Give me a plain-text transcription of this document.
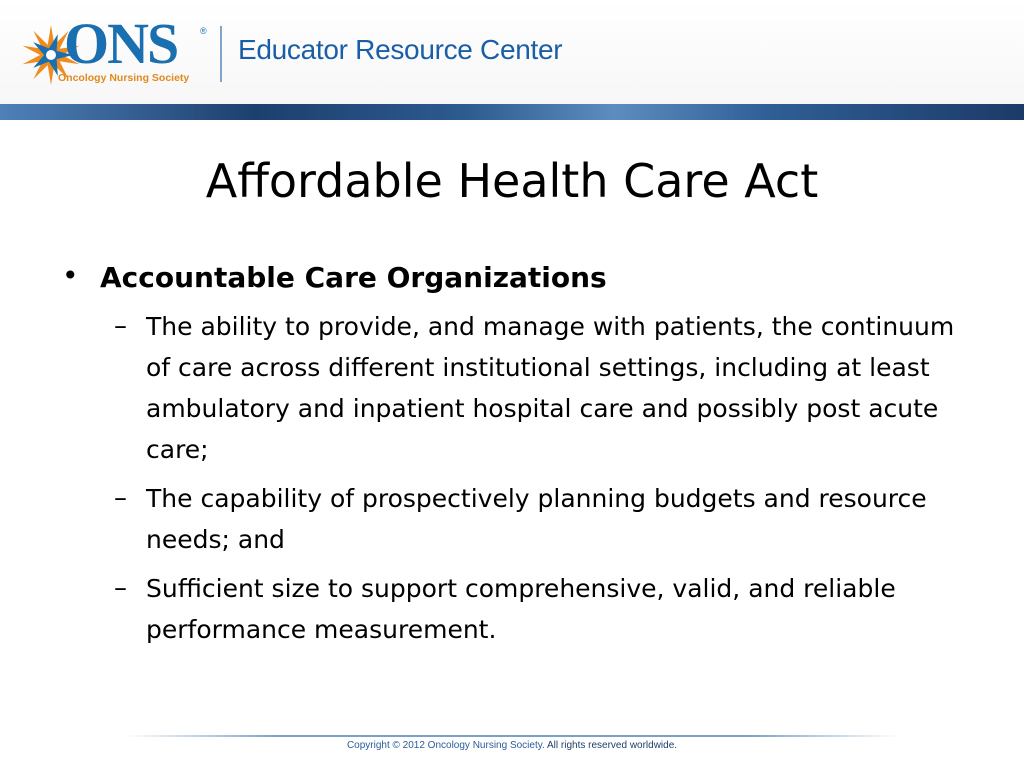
ONS	®
Oncology Nursing Society
Educator Resource Center
Affordable Health Care Act
• Accountable Care Organizations
– The ability to provide, and manage with patients, the continuum of care across different institutional settings, including at least ambulatory and inpatient hospital care and possibly post acute care;
– The capability of prospectively planning budgets and resource needs; and
– Sufficient size to support comprehensive, valid, and reliable performance measurement.
Copyright © 2012 Oncology Nursing Society. All rights reserved worldwide.
